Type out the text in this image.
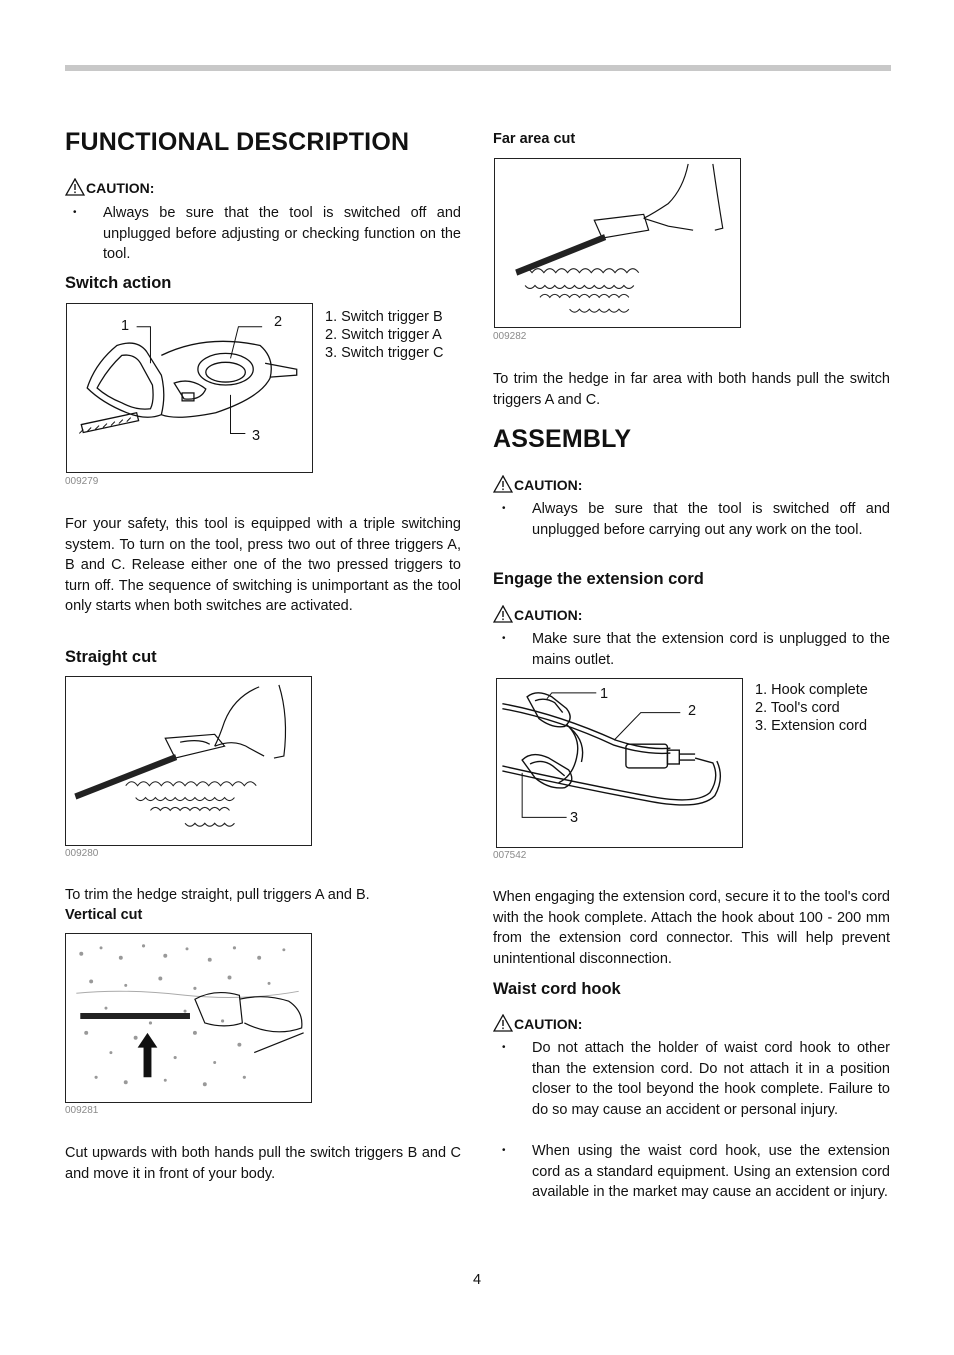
FUNCTIONAL DESCRIPTION
CAUTION:
• Always be sure that the tool is switched off and unplugged before adjusting or checking function on the tool.
Switch action
1	2
3
009279
1. Switch trigger B
2. Switch trigger A
3. Switch trigger C

For your safety, this tool is equipped with a triple switching system. To turn on the tool, press two out of three triggers A, B and C. Release either one of the two pressed triggers to turn off. The sequence of switching is unimportant as the tool only starts when both switches are activated.

Straight cut
009280

To trim the hedge straight, pull triggers A and B.

Vertical cut
009281

Cut upwards with both hands pull the switch triggers B and C and move it in front of your body.

Far area cut
009282

To trim the hedge in far area with both hands pull the switch triggers A and C.

ASSEMBLY
CAUTION:
• Always be sure that the tool is switched off and unplugged before carrying out any work on the tool.
Engage the extension cord
CAUTION:
• Make sure that the extension cord is unplugged to the mains outlet.
1
2
3
007542
1. Hook complete
2. Tool's cord
3. Extension cord

When engaging the extension cord, secure it to the tool's cord with the hook complete. Attach the hook about 100 - 200 mm from the extension cord connector. This will help prevent unintentional disconnection.

Waist cord hook
CAUTION:
• Do not attach the holder of waist cord hook to other than the extension cord. Do not attach it in a position closer to the tool beyond the hook complete. Failure to do so may cause an accident or personal injury.
• When using the waist cord hook, use the extension cord as a standard equipment. Using an extension cord available in the market may cause an accident or injury.
4
